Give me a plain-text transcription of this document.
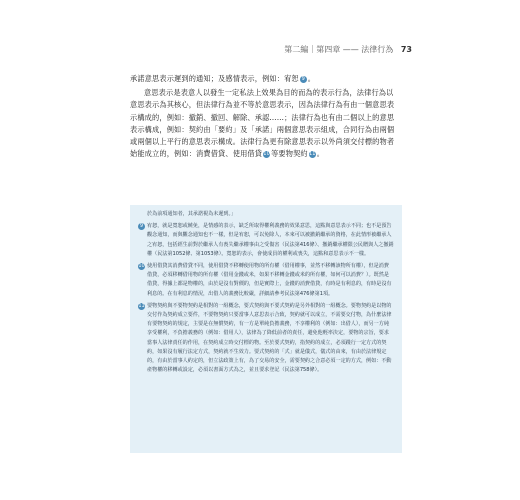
第二編｜第四章 —— 法律行為 73

承諾意思表示遲到的通知；及感情表示，例如：宥恕 9 。

意思表示是表意人以發生一定私法上效果為目的而為的表示行為，法律行為以意思表示為其核心，但法律行為並不等於意思表示，因為法律行為有由一個意思表示構成的，例如：撤銷、撤回、解除、承認……；法律行為也有由二個以上的意思表示構成，例如：契約由「要約」及「承諾」兩個意思表示組成，合同行為由兩個或兩個以上平行的意思表示構成。法律行為更有除意思表示以外尚須交付標的物者始能成立的，例如：消費借貸、使用借貸10等要物契約11。

於為前項通知者，其承諾視為未遲到。」

9 宥恕，就是寬恕或饒免，是情感的表示，缺乏所取得權利義務的效果意思，這點與意思表示不同；也不是預告觀念通知，而與觀念通知也不一樣，但是宥恕，可以免除人，本來可以被撤銷繼承的資格，在此情形被繼承人之宥恕，包括經生前對於繼承人有喪失繼承權事由之受傷害（民法第416條）、撤銷繼承權限公民贈與人之撤銷權（民法第1052條、第1053條）。寬恕的表示，會使成員的權利或喪失，這點和意思表示不一樣。

10 使用借貸其消費借貸不同，使用借貸不移轉使用物的所有權（借用權事，並然不移轉該物所有權），但是消費借貸，必須移轉借用物的所有權（借用金錢或米，如果不移轉金錢或米的所有權，如何可以消費？）。既然是借貸，得據上都是物權的，由於是沒有對價的，但是實際上，金錢的消費借貸，有時是有利息的，有時是沒有利息的。在有利息的情況，出借人的義務比較嚴，詳細請參考民法第476條第1項。

11 要物契約與不要物契約是相對的一組概念，要式契約與不要式契約是另外相對的一組概念。要物契約是以物的交付作為契約成立要件，不要物契約只要當事人意思表示合致，契約就可以成立，不需要交付物，為什麼法律有要物契約的規定，主要是在無償契約，有一方是單純負擔義務，不享權利的（例如：出借人），而另一方純享受權利，不負擔義務的（例如：借用人），法律為了降低前者的責任，避免他輕率決定，要物的宗旨，要求當事人法律責任的作用，在契約成立時交付標的物。至於要式契約，指契約的成立，必須踐行一定方式的契約，如果沒有履行法定方式，契約就不生效力。要式契約的「式」就是儀式，儀式的由來，有由於法律規定的，有由於當事人約定的，但立法政策上有，為了交易的安全，需要契約之合意必須一定的方式，例如：不動產物權的移轉或設定，必須以書面方式為之，並且要求登記（民法第758條）。
